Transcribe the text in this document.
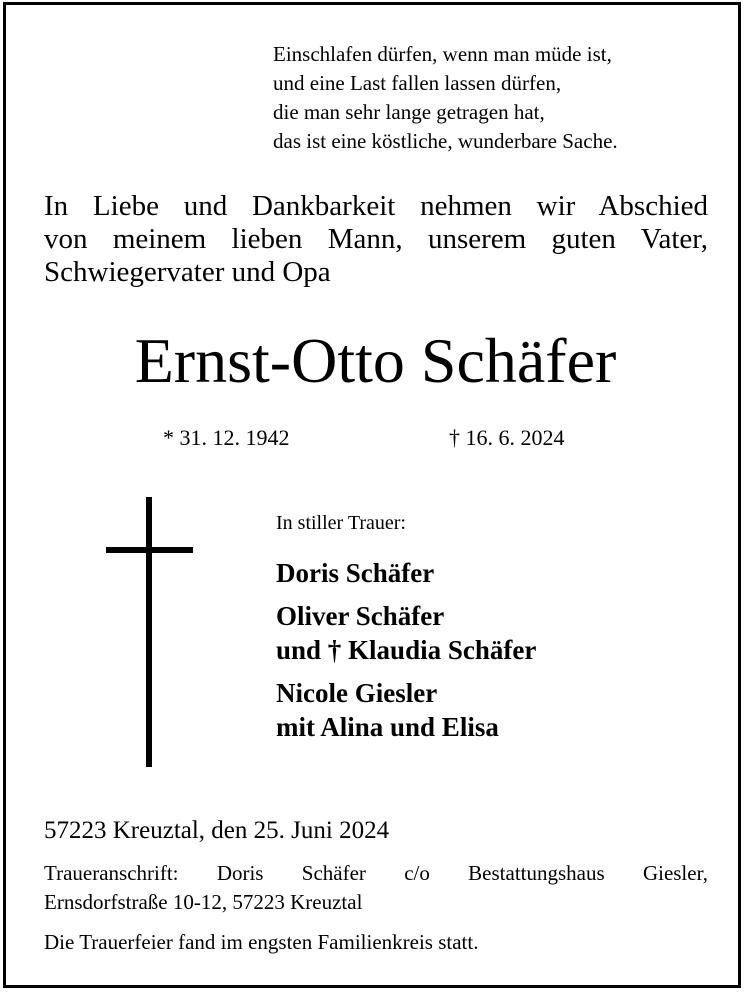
Einschlafen dürfen, wenn man müde ist,
und eine Last fallen lassen dürfen,
die man sehr lange getragen hat,
das ist eine köstliche, wunderbare Sache.
In Liebe und Dankbarkeit nehmen wir Abschied
von meinem lieben Mann, unserem guten Vater,
Schwiegervater und Opa
Ernst-Otto Schäfer
* 31. 12. 1942	† 16. 6. 2024
In stiller Trauer:
Doris Schäfer
Oliver Schäfer
und † Klaudia Schäfer
Nicole Giesler
mit Alina und Elisa
57223 Kreuztal, den 25. Juni 2024
Traueranschrift: Doris Schäfer c/o Bestattungshaus Giesler,
Ernsdorfstraße 10-12, 57223 Kreuztal
Die Trauerfeier fand im engsten Familienkreis statt.
